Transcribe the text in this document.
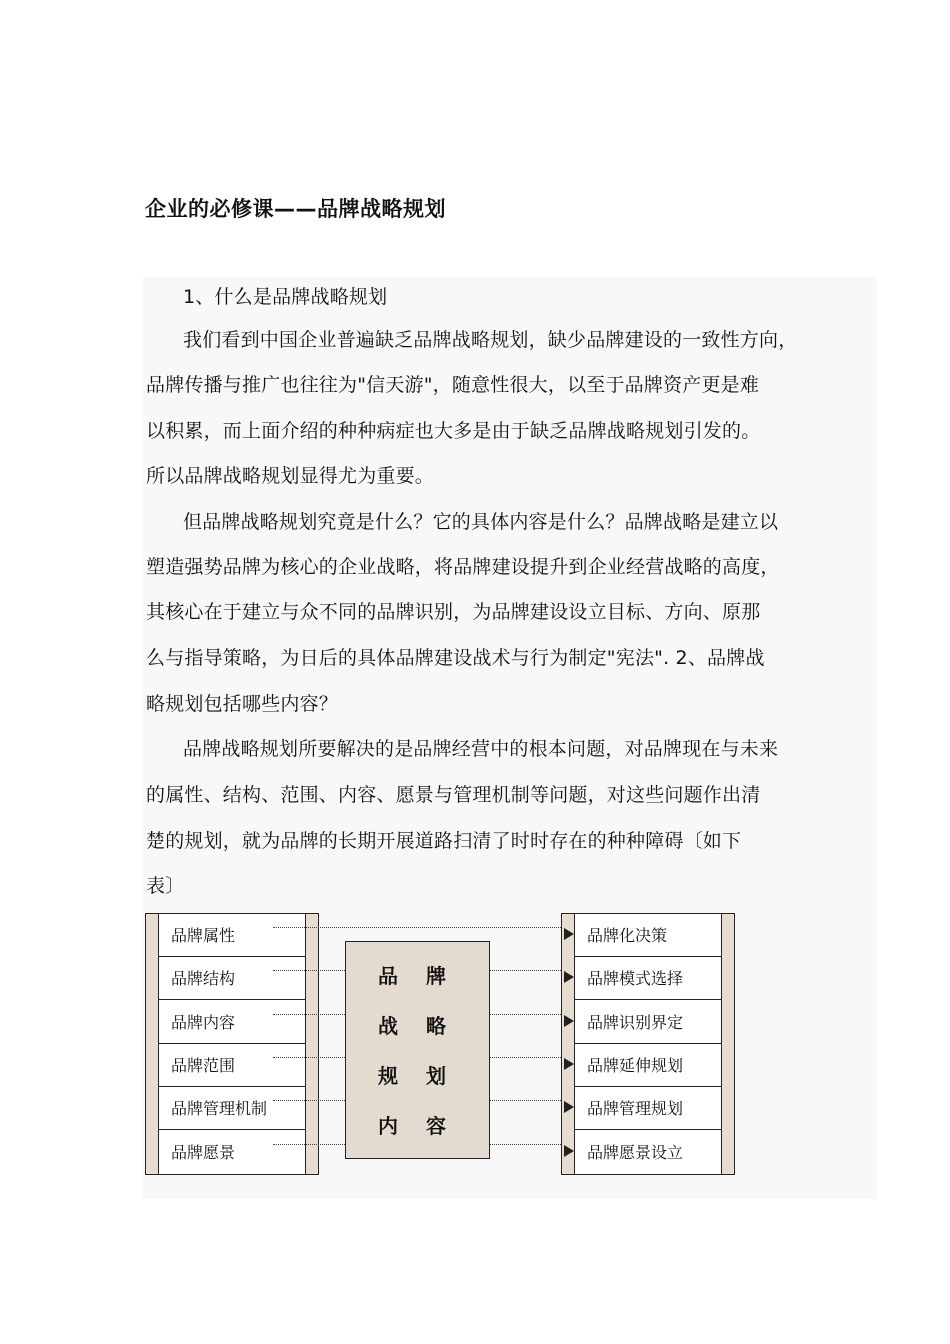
企业的必修课——品牌战略规划
1、什么是品牌战略规划
我们看到中国企业普遍缺乏品牌战略规划，缺少品牌建设的一致性方向，
品牌传播与推广也往往为"信天游"，随意性很大，以至于品牌资产更是难
以积累，而上面介绍的种种病症也大多是由于缺乏品牌战略规划引发的。
所以品牌战略规划显得尤为重要。
但品牌战略规划究竟是什么？它的具体内容是什么？品牌战略是建立以
塑造强势品牌为核心的企业战略，将品牌建设提升到企业经营战略的高度，
其核心在于建立与众不同的品牌识别，为品牌建设设立目标、方向、原那
么与指导策略，为日后的具体品牌建设战术与行为制定"宪法". 2、品牌战
略规划包括哪些内容？
品牌战略规划所要解决的是品牌经营中的根本问题，对品牌现在与未来
的属性、结构、范围、内容、愿景与管理机制等问题，对这些问题作出清
楚的规划，就为品牌的长期开展道路扫清了时时存在的种种障碍〔如下
表〕
品牌属性
品牌结构
品牌内容
品牌范围
品牌管理机制
品牌愿景
品 牌
战 略
规 划
内 容
品牌化决策
品牌模式选择
品牌识别界定
品牌延伸规划
品牌管理规划
品牌愿景设立
